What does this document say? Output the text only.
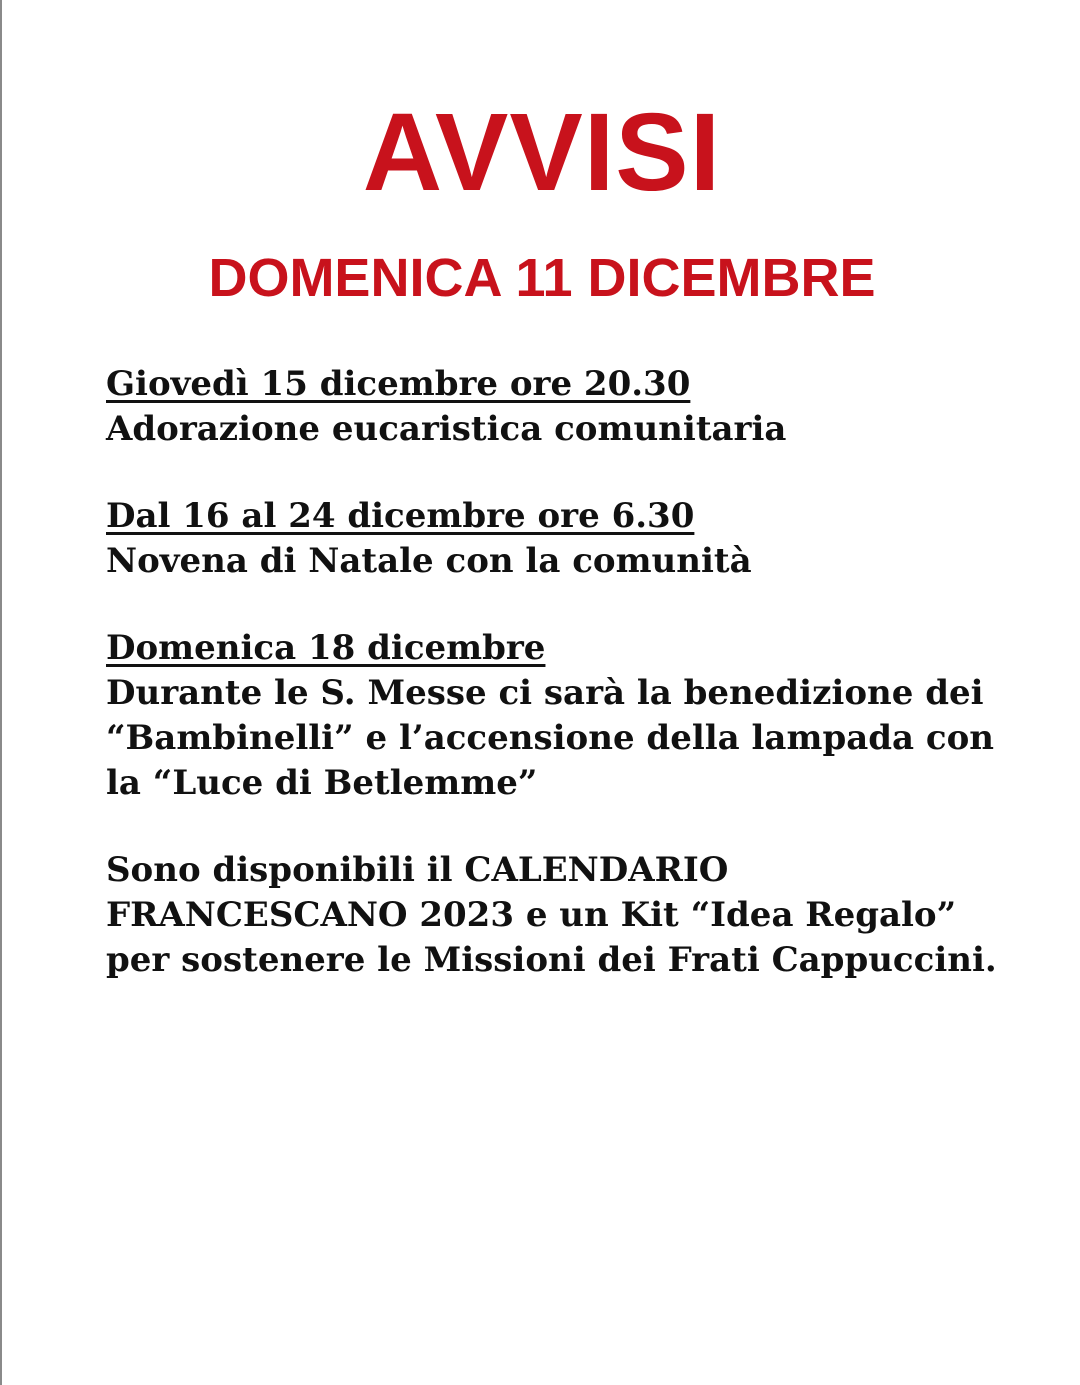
AVVISI
DOMENICA 11 DICEMBRE
Giovedì 15 dicembre ore 20.30
Adorazione eucaristica comunitaria
Dal 16 al 24 dicembre ore 6.30
Novena di Natale con la comunità
Domenica 18 dicembre
Durante le S. Messe ci sarà la benedizione dei
“Bambinelli” e l’accensione della lampada con
la “Luce di Betlemme”
Sono disponibili il CALENDARIO
FRANCESCANO 2023 e un Kit “Idea Regalo”
per sostenere le Missioni dei Frati Cappuccini.
